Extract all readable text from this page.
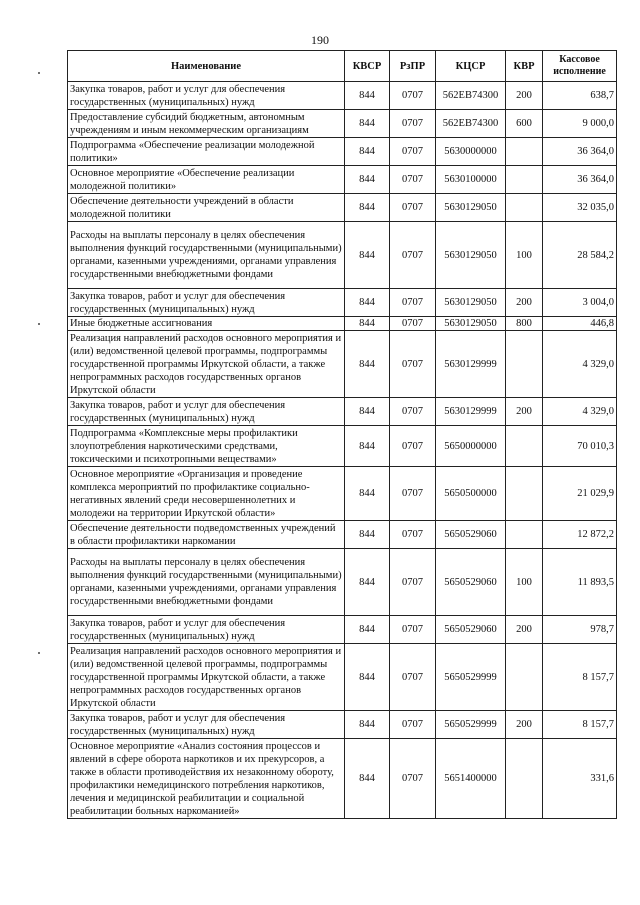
190
Наименование	КВСР	РзПР	КЦСР	КВР	Кассовое исполнение
Закупка товаров, работ и услуг для обеспечения государственных (муниципальных) нужд	844	0707	562ЕВ74300	200	638,7
Предоставление субсидий бюджетным, автономным учреждениям и иным некоммерческим организациям	844	0707	562ЕВ74300	600	9 000,0
Подпрограмма «Обеспечение реализации молодежной политики»	844	0707	5630000000		36 364,0
Основное мероприятие «Обеспечение реализации молодежной политики»	844	0707	5630100000		36 364,0
Обеспечение деятельности учреждений в области молодежной политики	844	0707	5630129050		32 035,0
Расходы на выплаты персоналу в целях обеспечения выполнения функций государственными (муниципальными) органами, казенными учреждениями, органами управления государственными внебюджетными фондами	844	0707	5630129050	100	28 584,2
Закупка товаров, работ и услуг для обеспечения государственных (муниципальных) нужд	844	0707	5630129050	200	3 004,0
Иные бюджетные ассигнования	844	0707	5630129050	800	446,8
Реализация направлений расходов основного мероприятия и (или) ведомственной целевой программы, подпрограммы государственной программы Иркутской области, а также непрограммных расходов государственных органов Иркутской области	844	0707	5630129999		4 329,0
Закупка товаров, работ и услуг для обеспечения государственных (муниципальных) нужд	844	0707	5630129999	200	4 329,0
Подпрограмма «Комплексные меры профилактики злоупотребления наркотическими средствами, токсическими и психотропными веществами»	844	0707	5650000000		70 010,3
Основное мероприятие «Организация и проведение комплекса мероприятий по профилактике социально-негативных явлений среди несовершеннолетних и молодежи на территории Иркутской области»	844	0707	5650500000		21 029,9
Обеспечение деятельности подведомственных учреждений в области профилактики наркомании	844	0707	5650529060		12 872,2
Расходы на выплаты персоналу в целях обеспечения выполнения функций государственными (муниципальными) органами, казенными учреждениями, органами управления государственными внебюджетными фондами	844	0707	5650529060	100	11 893,5
Закупка товаров, работ и услуг для обеспечения государственных (муниципальных) нужд	844	0707	5650529060	200	978,7
Реализация направлений расходов основного мероприятия и (или) ведомственной целевой программы, подпрограммы государственной программы Иркутской области, а также непрограммных расходов государственных органов Иркутской области	844	0707	5650529999		8 157,7
Закупка товаров, работ и услуг для обеспечения государственных (муниципальных) нужд	844	0707	5650529999	200	8 157,7
Основное мероприятие «Анализ состояния процессов и явлений в сфере оборота наркотиков и их прекурсоров, а также в области противодействия их незаконному обороту, профилактики немедицинского потребления наркотиков, лечения и медицинской реабилитации и социальной реабилитации больных наркоманией»	844	0707	5651400000		331,6
